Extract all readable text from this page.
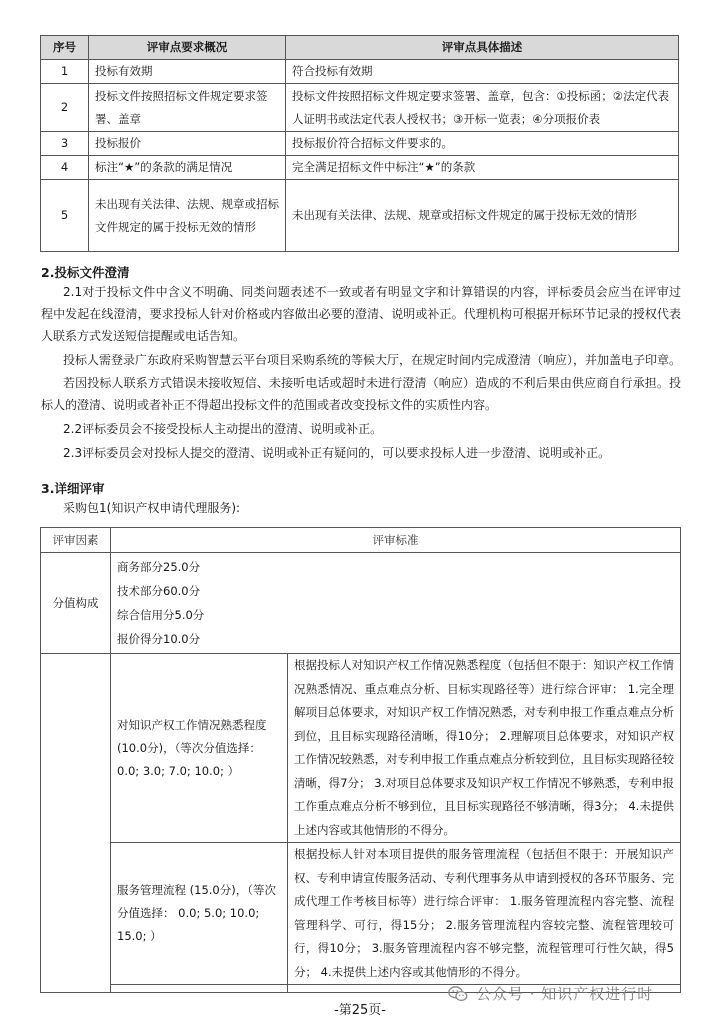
序号	评审点要求概况	评审点具体描述
1	投标有效期	符合投标有效期
2	投标文件按照招标文件规定要求签署、盖章	投标文件按照招标文件规定要求签署、盖章，包含：①投标函；②法定代表人证明书或法定代表人授权书；③开标一览表；④分项报价表
3	投标报价	投标报价符合招标文件要求的。
4	标注“★”的条款的满足情况	完全满足招标文件中标注“★”的条款
5	未出现有关法律、法规、规章或招标文件规定的属于投标无效的情形	未出现有关法律、法规、规章或招标文件规定的属于投标无效的情形
2.投标文件澄清

2.1对于投标文件中含义不明确、同类问题表述不一致或者有明显文字和计算错误的内容，评标委员会应当在评审过程中发起在线澄清，要求投标人针对价格或内容做出必要的澄清、说明或补正。代理机构可根据开标环节记录的授权代表人联系方式发送短信提醒或电话告知。

投标人需登录广东政府采购智慧云平台项目采购系统的等候大厅，在规定时间内完成澄清（响应），并加盖电子印章。

若因投标人联系方式错误未接收短信、未接听电话或超时未进行澄清（响应）造成的不利后果由供应商自行承担。投标人的澄清、说明或者补正不得超出投标文件的范围或者改变投标文件的实质性内容。

2.2评标委员会不接受投标人主动提出的澄清、说明或补正。

2.3评标委员会对投标人提交的澄清、说明或补正有疑问的，可以要求投标人进一步澄清、说明或补正。

3.详细评审

采购包1(知识产权申请代理服务):

评审因素	评审标准	
分值构成	商务部分25.0分
技术部分60.0分
综合信用分5.0分
报价得分10.0分	

	对知识产权工作情况熟悉程度 (10.0分)，（等次分值选择： 0.0; 3.0; 7.0; 10.0; ）	根据投标人对知识产权工作情况熟悉程度（包括但不限于：知识产权工作情况熟悉情况、重点难点分析、目标实现路径等）进行综合评审： 1.完全理解项目总体要求，对知识产权工作情况熟悉，对专利申报工作重点难点分析到位，且目标实现路径清晰，得10分； 2.理解项目总体要求，对知识产权工作情况较熟悉，对专利申报工作重点难点分析较到位，且目标实现路径较清晰，得7分； 3.对项目总体要求及知识产权工作情况不够熟悉，专利申报工作重点难点分析不够到位，且目标实现路径不够清晰，得3分； 4.未提供上述内容或其他情形的不得分。
	服务管理流程 (15.0分)，（等次分值选择： 0.0; 5.0; 10.0; 15.0; ）	根据投标人针对本项目提供的服务管理流程（包括但不限于：开展知识产权、专利申请宣传服务活动、专利代理事务从申请到授权的各环节服务、完成代理工作考核目标等）进行综合评审： 1.服务管理流程内容完整、流程管理科学、可行，得15分； 2.服务管理流程内容较完整、流程管理较可行，得10分； 3.服务管理流程内容不够完整，流程管理可行性欠缺，得5分； 4.未提供上述内容或其他情形的不得分。

公众号 · 知识产权进行时
-第25页-
